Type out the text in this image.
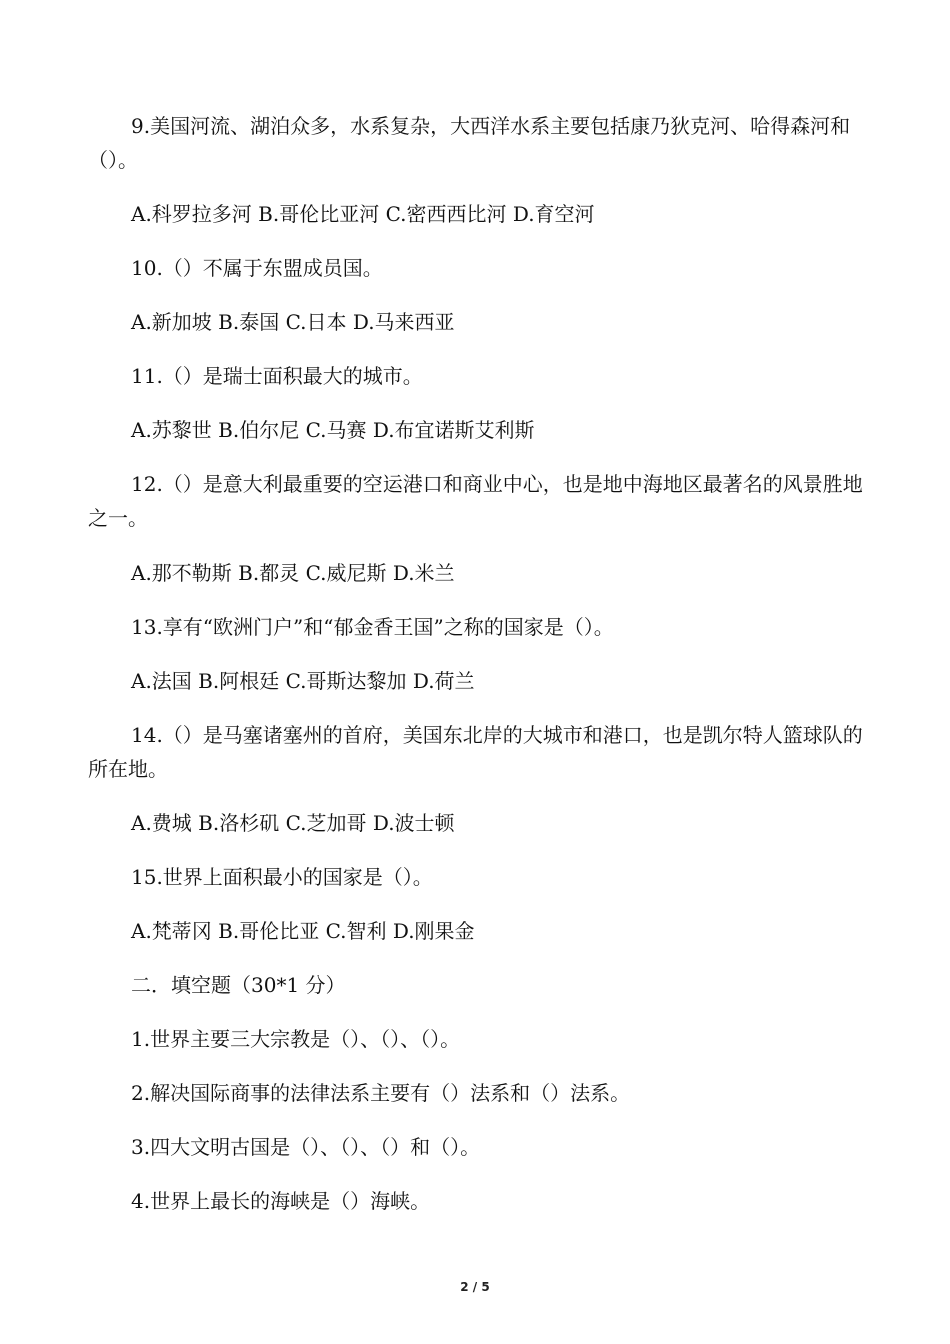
9.美国河流、湖泊众多，水系复杂，大西洋水系主要包括康乃狄克河、哈得森河和（）。
A.科罗拉多河 B.哥伦比亚河 C.密西西比河 D.育空河
10.（）不属于东盟成员国。
A.新加坡 B.泰国 C.日本 D.马来西亚
11.（）是瑞士面积最大的城市。
A.苏黎世 B.伯尔尼 C.马赛 D.布宜诺斯艾利斯
12.（）是意大利最重要的空运港口和商业中心，也是地中海地区最著名的风景胜地之一。
A.那不勒斯 B.都灵 C.威尼斯 D.米兰
13.享有“欧洲门户”和“郁金香王国”之称的国家是（）。
A.法国 B.阿根廷 C.哥斯达黎加 D.荷兰
14.（）是马塞诸塞州的首府，美国东北岸的大城市和港口，也是凯尔特人篮球队的所在地。
A.费城 B.洛杉矶 C.芝加哥 D.波士顿
15.世界上面积最小的国家是（）。
A.梵蒂冈 B.哥伦比亚 C.智利 D.刚果金
二．填空题（30*1 分）
1.世界主要三大宗教是（）、（）、（）。
2.解决国际商事的法律法系主要有（）法系和（）法系。
3.四大文明古国是（）、（）、（）和（）。
4.世界上最长的海峡是（）海峡。
2 / 5
